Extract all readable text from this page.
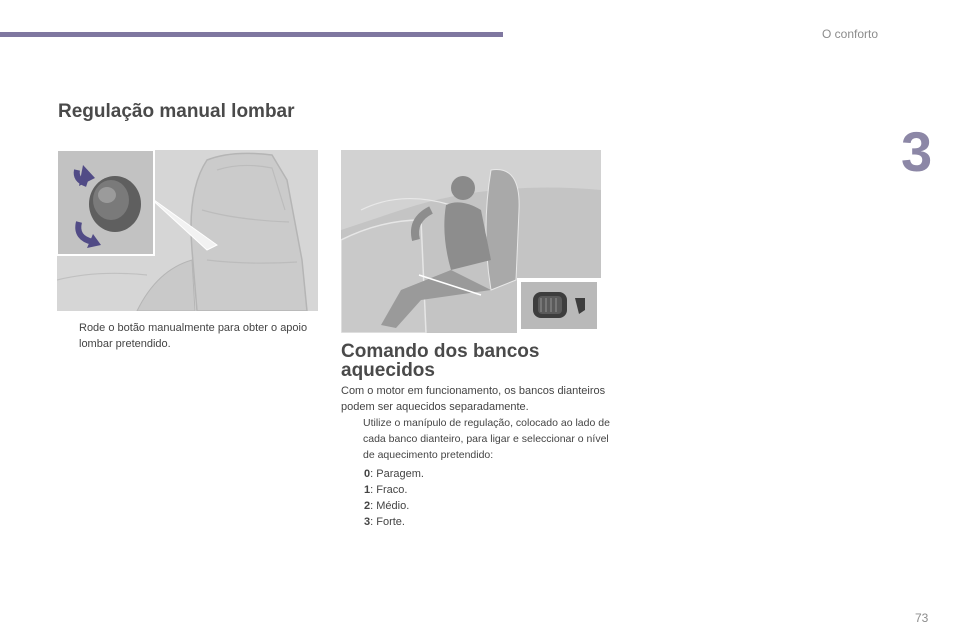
O conforto
3
Regulação manual lombar
Rode o botão manualmente para obter o apoio lombar pretendido.	Comando dos bancos aquecidos

Com o motor em funcionamento, os bancos dianteiros podem ser aquecidos separadamente.

Utilize o manípulo de regulação, colocado ao lado de cada banco dianteiro, para ligar e seleccionar o nível de aquecimento pretendido:
0: Paragem.
1: Fraco.
2: Médio.
3: Forte.
73
